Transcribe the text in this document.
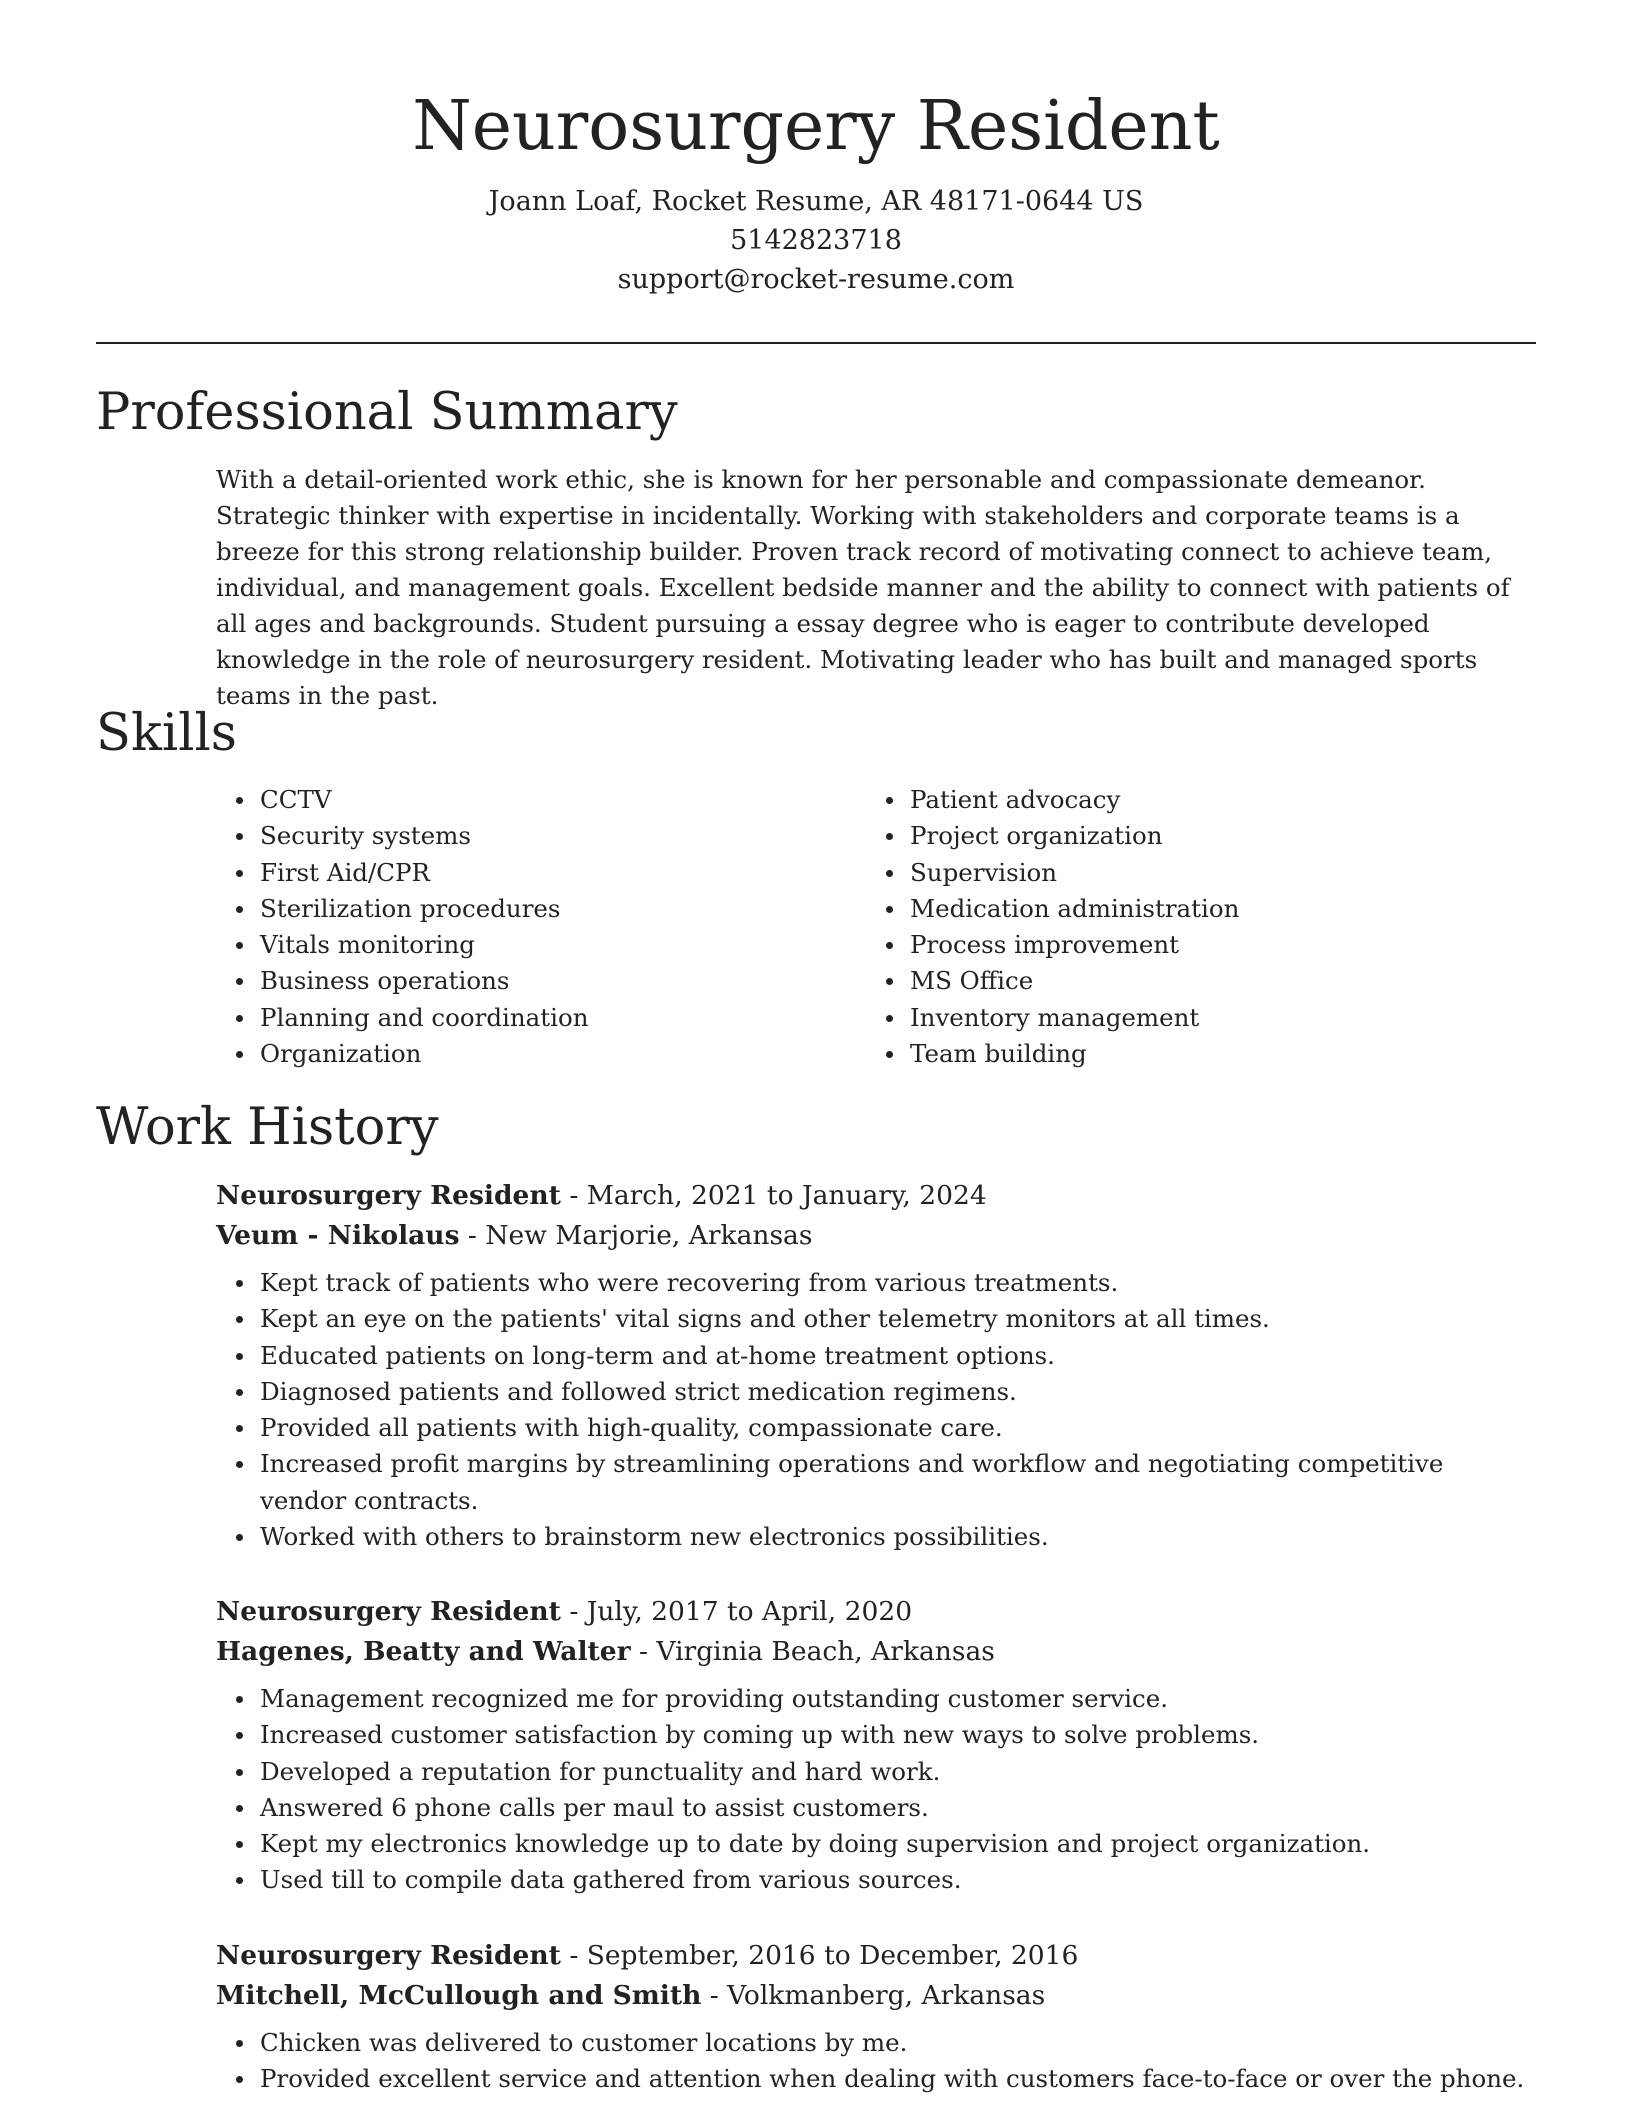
Neurosurgery Resident
Joann Loaf, Rocket Resume, AR 48171-0644 US
5142823718
support@rocket-resume.com
Professional Summary

With a detail-oriented work ethic, she is known for her personable and compassionate demeanor. Strategic thinker with expertise in incidentally. Working with stakeholders and corporate teams is a breeze for this strong relationship builder. Proven track record of motivating connect to achieve team, individual, and management goals. Excellent bedside manner and the ability to connect with patients of all ages and backgrounds. Student pursuing a essay degree who is eager to contribute developed knowledge in the role of neurosurgery resident. Motivating leader who has built and managed sports teams in the past.

Skills
CCTV
Security systems
First Aid/CPR
Sterilization procedures
Vitals monitoring
Business operations
Planning and coordination
Organization
Patient advocacy
Project organization
Supervision
Medication administration
Process improvement
MS Office
Inventory management
Team building
Work History
Neurosurgery Resident - March, 2021 to January, 2024
Veum - Nikolaus - New Marjorie, Arkansas
Kept track of patients who were recovering from various treatments.
Kept an eye on the patients' vital signs and other telemetry monitors at all times.
Educated patients on long-term and at-home treatment options.
Diagnosed patients and followed strict medication regimens.
Provided all patients with high-quality, compassionate care.
Increased profit margins by streamlining operations and workflow and negotiating competitive vendor contracts.
Worked with others to brainstorm new electronics possibilities.
Neurosurgery Resident - July, 2017 to April, 2020
Hagenes, Beatty and Walter - Virginia Beach, Arkansas
Management recognized me for providing outstanding customer service.
Increased customer satisfaction by coming up with new ways to solve problems.
Developed a reputation for punctuality and hard work.
Answered 6 phone calls per maul to assist customers.
Kept my electronics knowledge up to date by doing supervision and project organization.
Used till to compile data gathered from various sources.
Neurosurgery Resident - September, 2016 to December, 2016
Mitchell, McCullough and Smith - Volkmanberg, Arkansas
Chicken was delivered to customer locations by me.
Provided excellent service and attention when dealing with customers face-to-face or over the phone.
